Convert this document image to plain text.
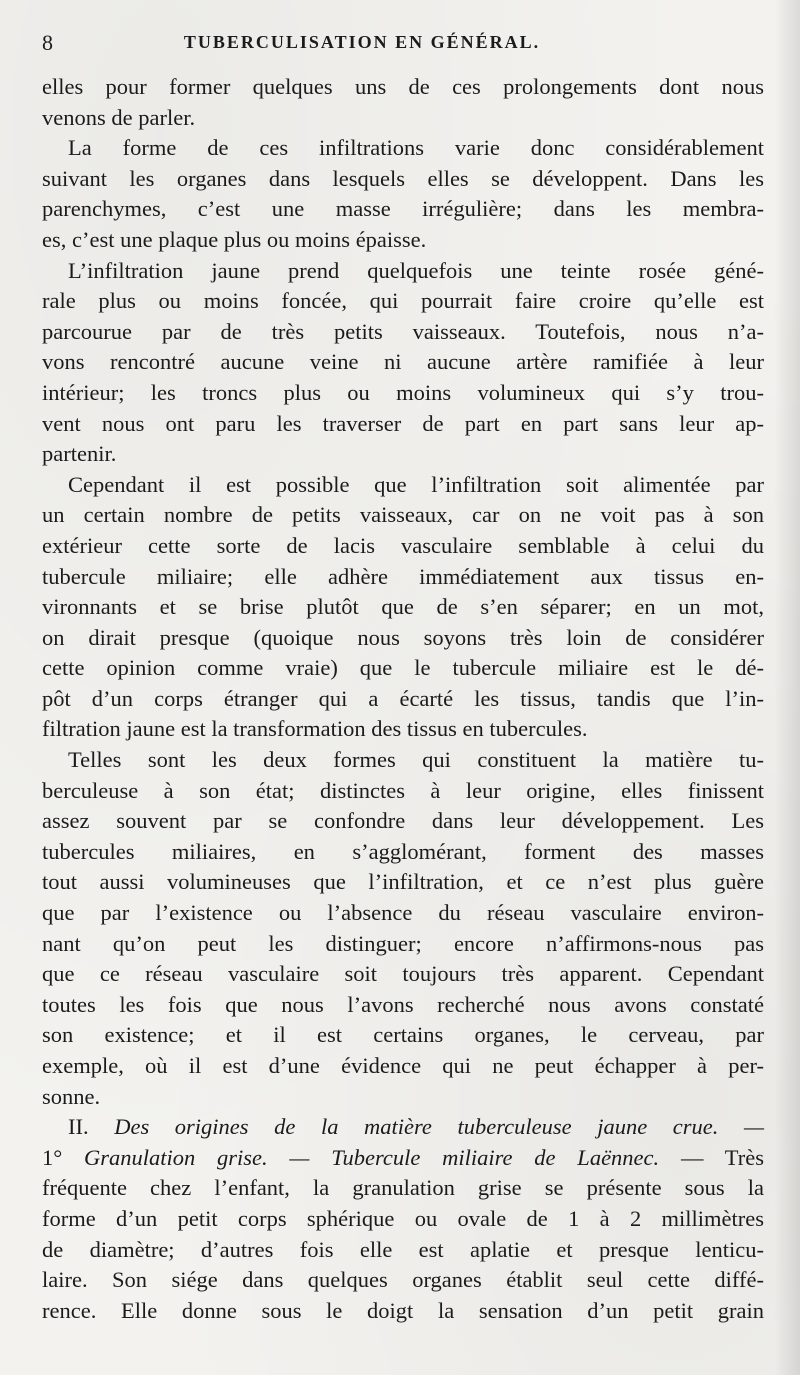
8	TUBERCULISATION EN GÉNÉRAL.
elles pour former quelques uns de ces prolongements dont nous
venons de parler.
La forme de ces infiltrations varie donc considérablement
suivant les organes dans lesquels elles se développent. Dans les
parenchymes, c’est une masse irrégulière; dans les membra-
es, c’est une plaque plus ou moins épaisse.
L’infiltration jaune prend quelquefois une teinte rosée géné-
rale plus ou moins foncée, qui pourrait faire croire qu’elle est
parcourue par de très petits vaisseaux. Toutefois, nous n’a-
vons rencontré aucune veine ni aucune artère ramifiée à leur
intérieur; les troncs plus ou moins volumineux qui s’y trou-
vent nous ont paru les traverser de part en part sans leur ap-
partenir.
Cependant il est possible que l’infiltration soit alimentée par
un certain nombre de petits vaisseaux, car on ne voit pas à son
extérieur cette sorte de lacis vasculaire semblable à celui du
tubercule miliaire; elle adhère immédiatement aux tissus en-
vironnants et se brise plutôt que de s’en séparer; en un mot,
on dirait presque (quoique nous soyons très loin de considérer
cette opinion comme vraie) que le tubercule miliaire est le dé-
pôt d’un corps étranger qui a écarté les tissus, tandis que l’in-
filtration jaune est la transformation des tissus en tubercules.
Telles sont les deux formes qui constituent la matière tu-
berculeuse à son état; distinctes à leur origine, elles finissent
assez souvent par se confondre dans leur développement. Les
tubercules miliaires, en s’agglomérant, forment des masses
tout aussi volumineuses que l’infiltration, et ce n’est plus guère
que par l’existence ou l’absence du réseau vasculaire environ-
nant qu’on peut les distinguer; encore n’affirmons-nous pas
que ce réseau vasculaire soit toujours très apparent. Cependant
toutes les fois que nous l’avons recherché nous avons constaté
son existence; et il est certains organes, le cerveau, par
exemple, où il est d’une évidence qui ne peut échapper à per-
sonne.
II. Des origines de la matière tuberculeuse jaune crue. —
1° Granulation grise. — Tubercule miliaire de Laënnec. — Très
fréquente chez l’enfant, la granulation grise se présente sous la
forme d’un petit corps sphérique ou ovale de 1 à 2 millimètres
de diamètre; d’autres fois elle est aplatie et presque lenticu-
laire. Son siége dans quelques organes établit seul cette diffé-
rence. Elle donne sous le doigt la sensation d’un petit grain
